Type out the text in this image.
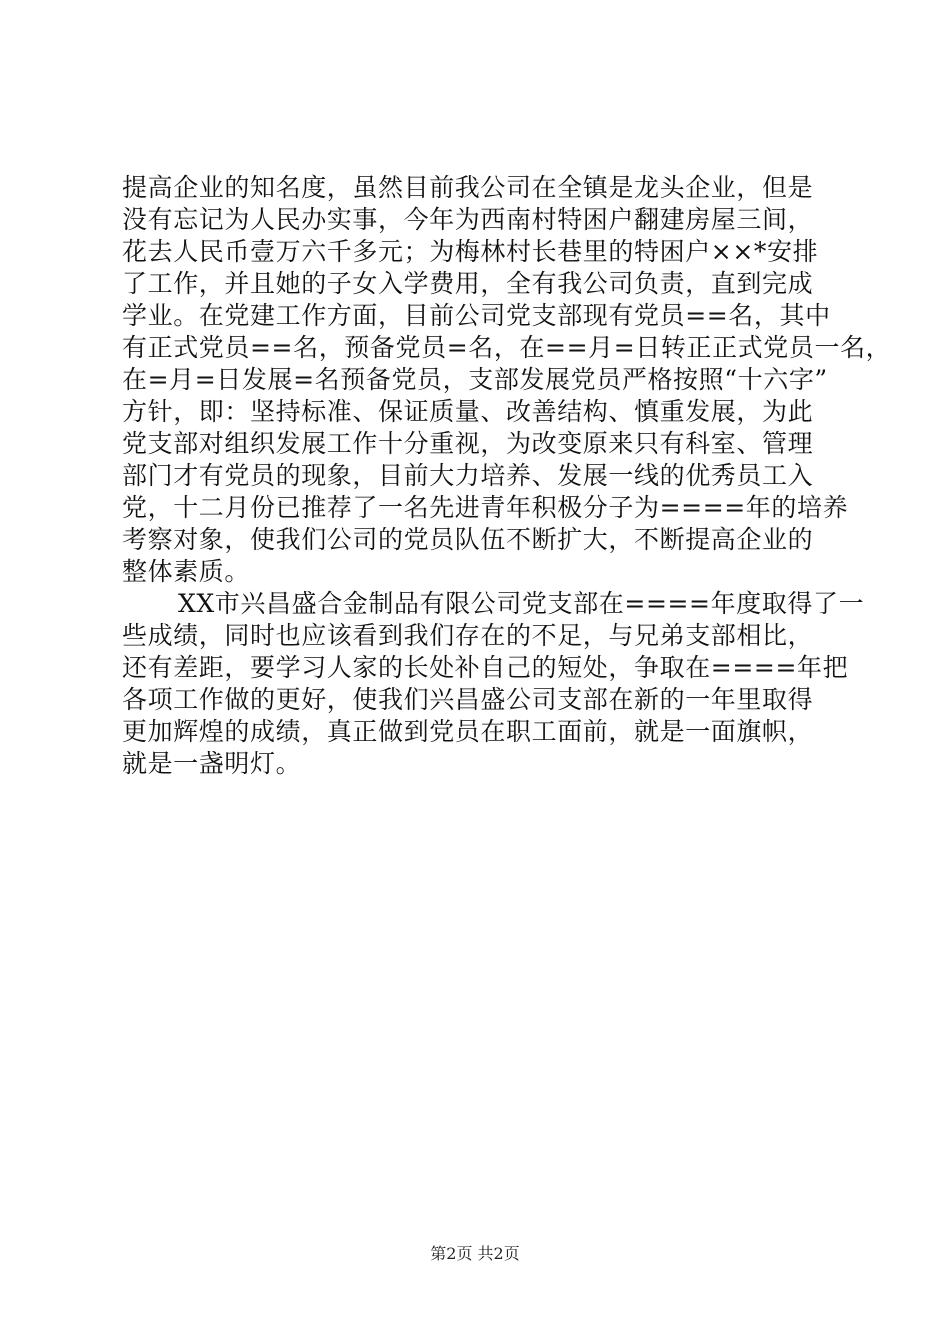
提高企业的知名度，虽然目前我公司在全镇是龙头企业，但是
没有忘记为人民办实事，今年为西南村特困户翻建房屋三间，
花去人民币壹万六千多元；为梅林村长巷里的特困户××*安排
了工作，并且她的子女入学费用，全有我公司负责，直到完成
学业。在党建工作方面，目前公司党支部现有党员==名，其中
有正式党员==名，预备党员=名，在==月=日转正正式党员一名，
在=月=日发展=名预备党员，支部发展党员严格按照“十六字”
方针，即：坚持标准、保证质量、改善结构、慎重发展，为此
党支部对组织发展工作十分重视，为改变原来只有科室、管理
部门才有党员的现象，目前大力培养、发展一线的优秀员工入
党，十二月份已推荐了一名先进青年积极分子为====年的培养
考察对象，使我们公司的党员队伍不断扩大，不断提高企业的
整体素质。
XX市兴昌盛合金制品有限公司党支部在====年度取得了一
些成绩，同时也应该看到我们存在的不足，与兄弟支部相比，
还有差距，要学习人家的长处补自己的短处，争取在====年把
各项工作做的更好，使我们兴昌盛公司支部在新的一年里取得
更加辉煌的成绩，真正做到党员在职工面前，就是一面旗帜，
就是一盏明灯。
第2页 共2页
